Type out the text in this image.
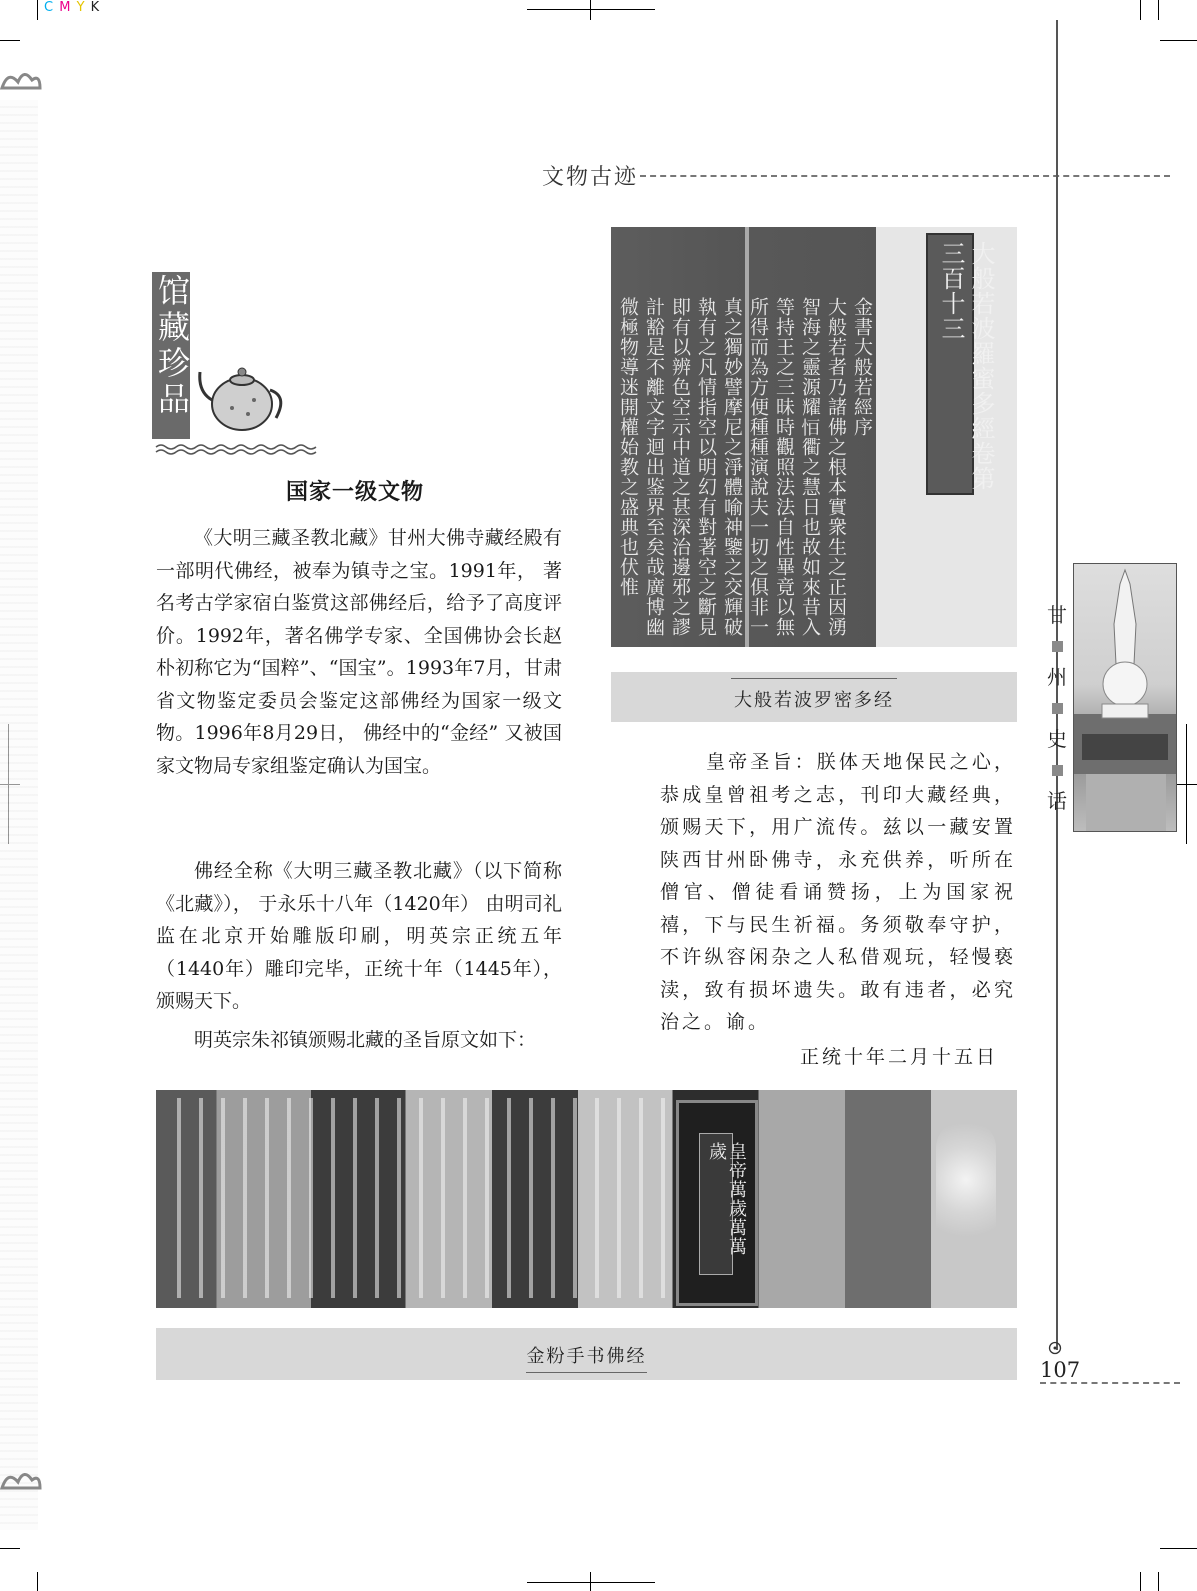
C M Y K
文物古迹
馆藏珍品
国家一级文物
《大明三藏圣教北藏》甘州大佛寺藏经殿有一部明代佛经，被奉为镇寺之宝。1991年， 著名考古学家宿白鉴赏这部佛经后，给予了高度评价。1992年，著名佛学专家、全国佛协会长赵朴初称它为“国粹”、“国宝”。1993年7月，甘肃省文物鉴定委员会鉴定这部佛经为国家一级文物。1996年8月29日， 佛经中的“金经” 又被国家文物局专家组鉴定确认为国宝。
佛经全称《大明三藏圣教北藏》（以下简称 《北藏》）， 于永乐十八年（1420年） 由明司礼监在北京开始雕版印刷，明英宗正统五年（1440年）雕印完毕，正统十年（1445年），颁赐天下。
明英宗朱祁镇颁赐北藏的圣旨原文如下：
大般若波羅蜜多經卷第三百十三
金書大般若經序
大般若者乃諸佛之根本實衆生之正因湧
智海之靈源耀𢘆衢之慧日也故如來昔入
等持王之三昧時觀照法法自性畢竟以無
所得而為方便種種演說夫一切之俱非一
真之獨妙譬摩尼之淨體喻神鑒之交輝破
執有之凡情指空以明幻有對著空之斷見
即有以辨色空示中道之甚深治邊邪之謬
計豁是不離文字迴出鉴界至矣哉廣博幽
微極物導迷開權始教之盛典也伏惟
大般若波罗密多经
皇帝圣旨：朕体天地保民之心，恭成皇曾祖考之志，刊印大藏经典，颁赐天下，用广流传。兹以一藏安置陕西甘州卧佛寺，永充供养，听所在僧官、僧徒看诵赞扬，上为国家祝禧，下与民生祈福。务须敬奉守护，不许纵容闲杂之人私借观玩，轻慢亵渎，致有损坏遗失。敢有违者，必究治之。谕。
正统十年二月十五日
甘
州
史
话
皇帝萬歲萬萬歲
金粉手书佛经
107
